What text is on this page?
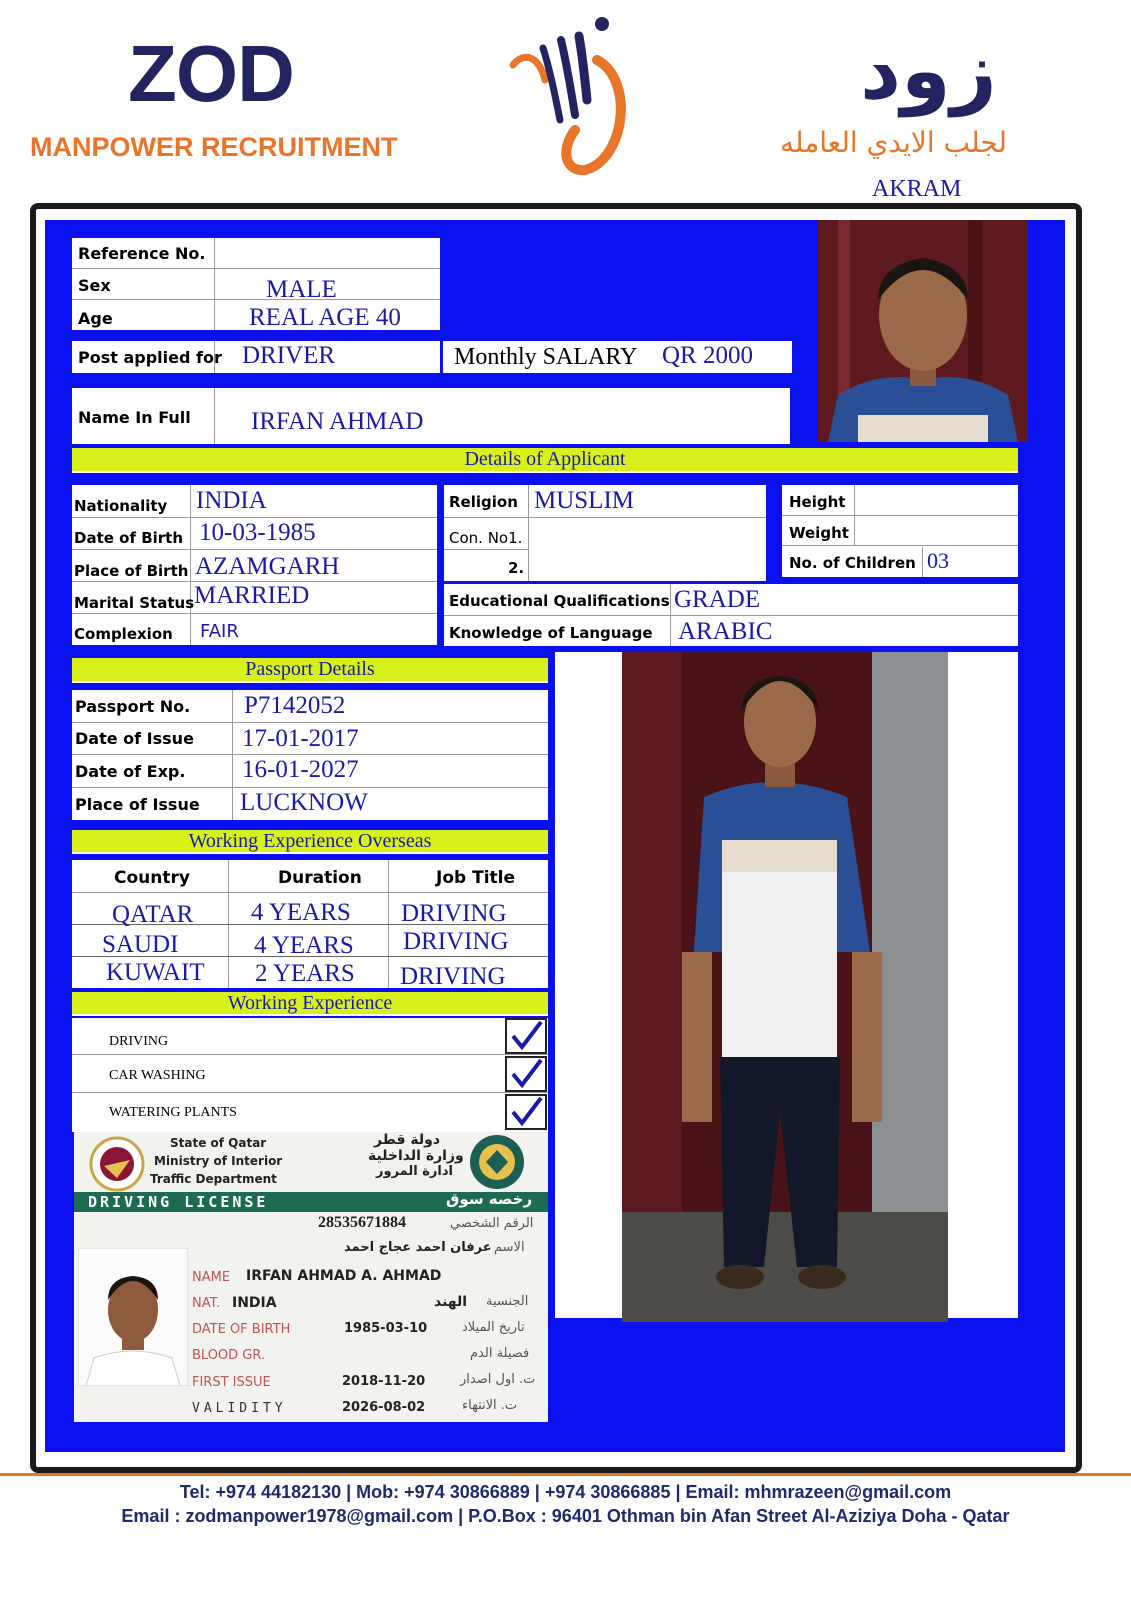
ZOD
MANPOWER RECRUITMENT
زود
لجلب الايدي العامله
AKRAM
Reference No.
Sex	MALE
Age	REAL AGE 40
Post applied for DRIVER	Monthly SALARY QR 2000
Name In Full IRFAN AHMAD
Details of Applicant
Nationality INDIA
Date of Birth 10-03-1985
Place of Birth AZAMGARH
Marital Status MARRIED
Complexion FAIR
Religion MUSLIM
Con. No1.
2.
Height
Weight
No. of Children 03
Educational Qualifications GRADE
Knowledge of Language ARABIC
Passport Details
Passport No. P7142052
Date of Issue 17-01-2017
Date of Exp. 16-01-2027
Place of Issue LUCKNOW
Working Experience Overseas
Country	Duration	Job Title
QATAR 4 YEARS DRIVING
SAUDI	4 YEARS DRIVING
KUWAIT 2 YEARS DRIVING
Working Experience
DRIVING
CAR WASHING
WATERING PLANTS
State of Qatar
Ministry of Interior
Traffic Department
دولة قطر
وزارة الداخلية
ادارة المرور
DRIVING LICENSE	رخصه سوق
28535671884	الرقم الشخصي
عرفان احمد عجاج احمد الاسم
NAME IRFAN AHMAD A. AHMAD
NAT. INDIA	الهند الجنسية
DATE OF BIRTH	1985-03-10	تاريخ الميلاد
BLOOD GR.	فصيلة الدم
FIRST ISSUE	2018-11-20	ت. اول اصدار
VALIDITY	2026-08-02	ت. الانتهاء
Tel: +974 44182130 | Mob: +974 30866889 | +974 30866885 | Email: mhmrazeen@gmail.com
Email : zodmanpower1978@gmail.com | P.O.Box : 96401 Othman bin Afan Street Al-Aziziya Doha - Qatar
